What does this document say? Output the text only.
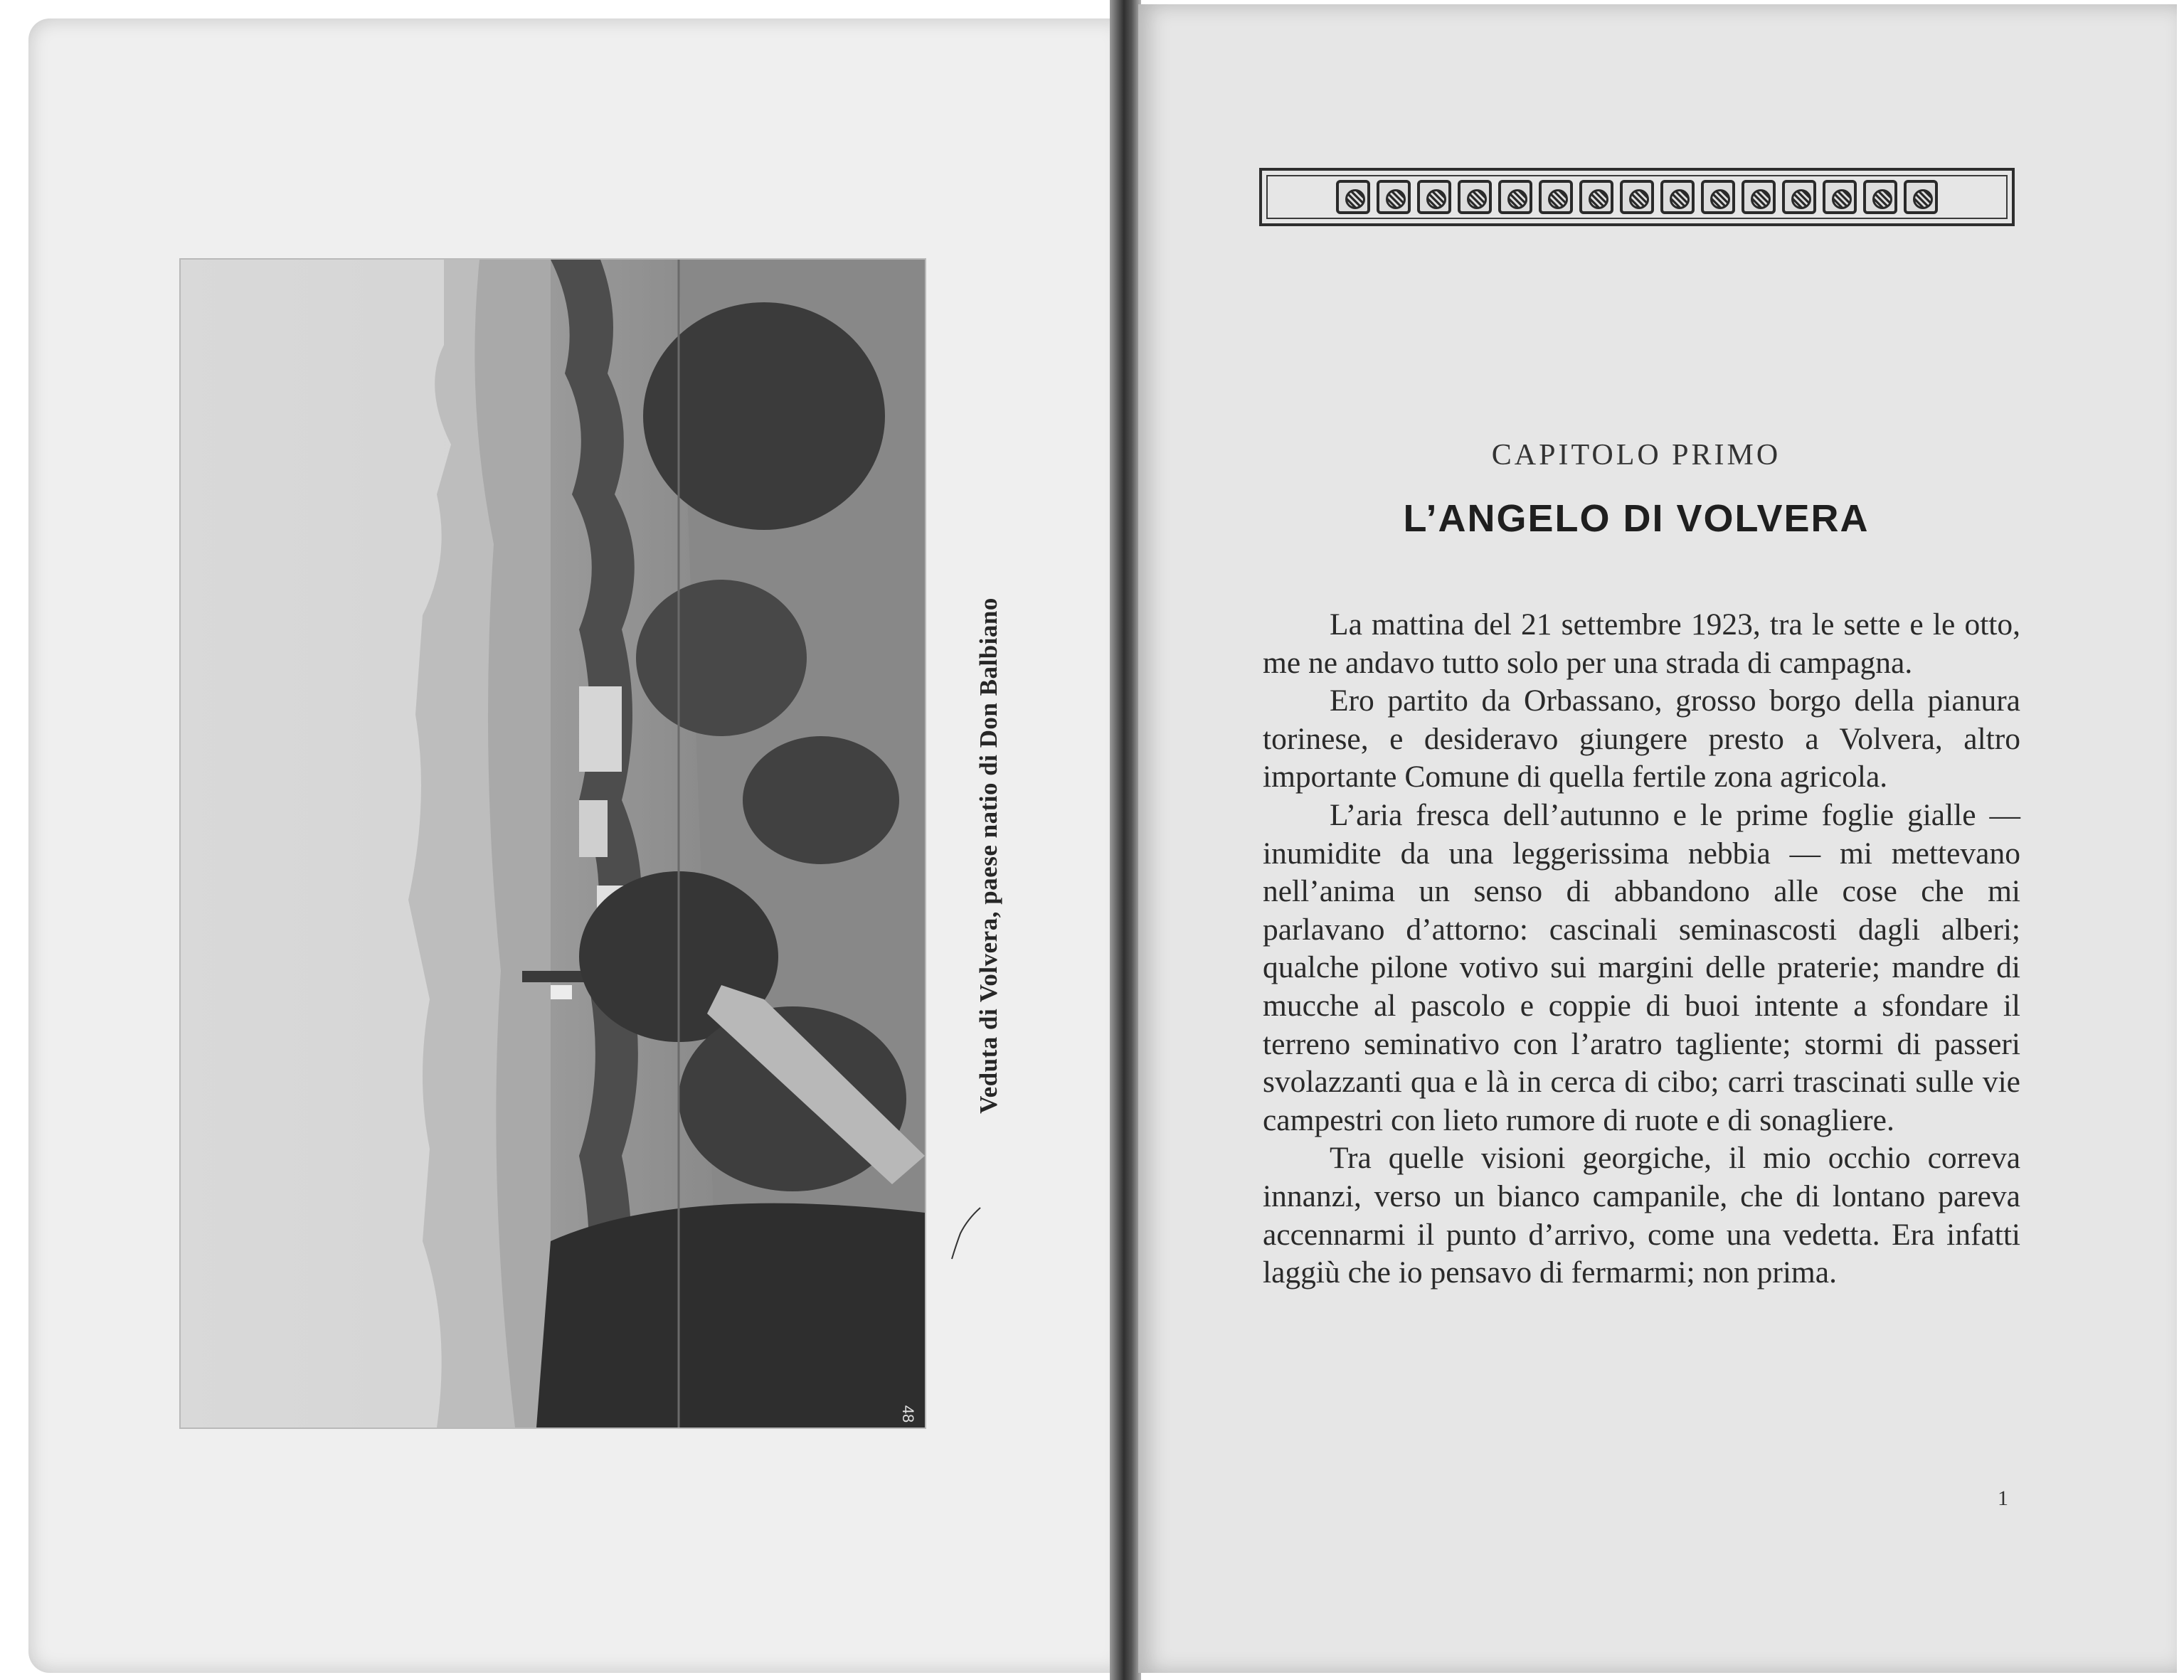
48
Veduta di Volvera, paese natio di Don Balbiano
CAPITOLO PRIMO
L’ANGELO DI VOLVERA

La mattina del 21 settembre 1923, tra le sette e le otto, me ne andavo tutto solo per una strada di campagna.

Ero partito da Orbassano, grosso borgo della pianura torinese, e desideravo giungere presto a Volvera, altro importante Comune di quella fertile zona agricola.

L’aria fresca dell’autunno e le prime foglie gialle — inumidite da una leggerissima nebbia — mi mettevano nell’anima un senso di abbandono alle cose che mi parlavano d’attorno: cascinali seminascosti dagli alberi; qualche pilone votivo sui margini delle praterie; mandre di mucche al pascolo e coppie di buoi intente a sfondare il terreno seminativo con l’aratro tagliente; stormi di passeri svolazzanti qua e là in cerca di cibo; carri trascinati sulle vie campestri con lieto rumore di ruote e di sonagliere.

Tra quelle visioni georgiche, il mio occhio correva innanzi, verso un bianco campanile, che di lontano pareva accennarmi il punto d’arrivo, come una vedetta. Era infatti laggiù che io pensavo di fermarmi; non prima.

1
